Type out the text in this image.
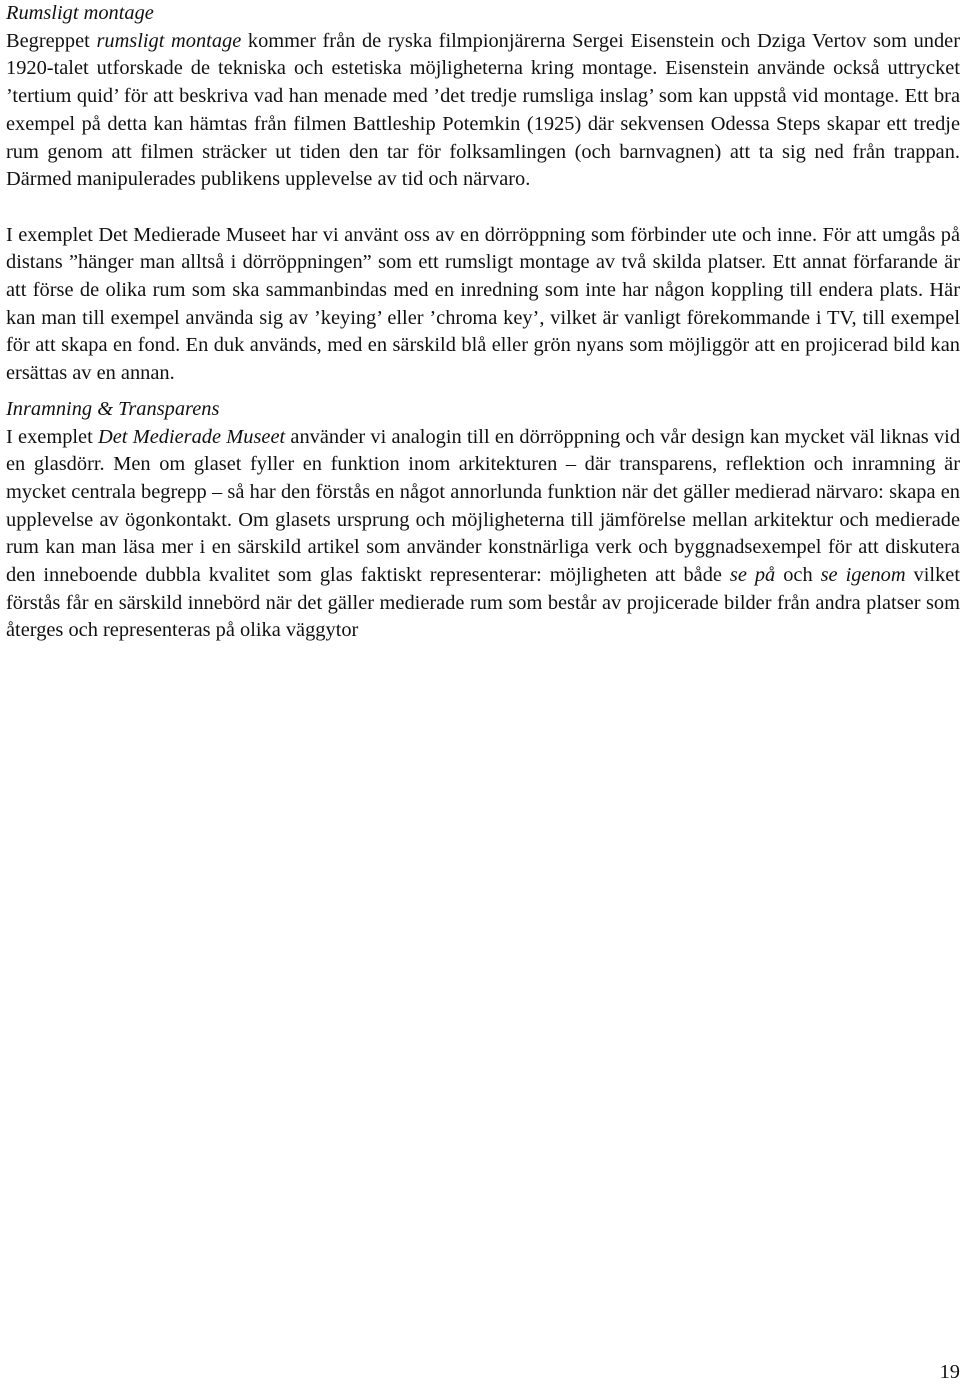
Rumsligt montage

Begreppet rumsligt montage kommer från de ryska filmpionjärerna Sergei Eisenstein och Dziga Vertov som under 1920-talet utforskade de tekniska och estetiska möjligheterna kring montage. Eisenstein använde också uttrycket ’tertium quid’ för att beskriva vad han menade med ’det tredje rumsliga inslag’ som kan uppstå vid montage. Ett bra exempel på detta kan hämtas från filmen Battleship Potemkin (1925) där sekvensen Odessa Steps skapar ett tredje rum genom att filmen sträcker ut tiden den tar för folksamlingen (och barnvagnen) att ta sig ned från trappan. Därmed manipulerades publikens upplevelse av tid och närvaro.

I exemplet Det Medierade Museet har vi använt oss av en dörröppning som förbinder ute och inne. För att umgås på distans ”hänger man alltså i dörröppningen” som ett rumsligt montage av två skilda platser. Ett annat förfarande är att förse de olika rum som ska sammanbindas med en inredning som inte har någon koppling till endera plats. Här kan man till exempel använda sig av ’keying’ eller ’chroma key’, vilket är vanligt förekommande i TV, till exempel för att skapa en fond. En duk används, med en särskild blå eller grön nyans som möjliggör att en projicerad bild kan ersättas av en annan.

Inramning & Transparens

I exemplet Det Medierade Museet använder vi analogin till en dörröppning och vår design kan mycket väl liknas vid en glasdörr. Men om glaset fyller en funktion inom arkitekturen – där transparens, reflektion och inramning är mycket centrala begrepp – så har den förstås en något annorlunda funktion när det gäller medierad närvaro: skapa en upplevelse av ögonkontakt. Om glasets ursprung och möjligheterna till jämförelse mellan arkitektur och medierade rum kan man läsa mer i en särskild artikel som använder konstnärliga verk och byggnadsexempel för att diskutera den inneboende dubbla kvalitet som glas faktiskt representerar: möjligheten att både se på och se igenom vilket förstås får en särskild innebörd när det gäller medierade rum som består av projicerade bilder från andra platser som återges och representeras på olika väggytor

19
